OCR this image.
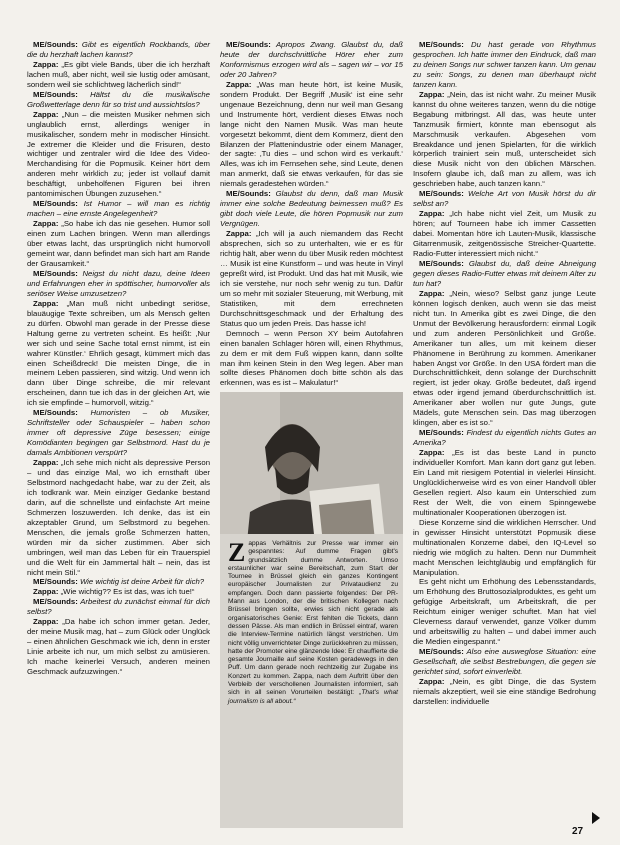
ME/Sounds: Gibt es eigentlich Rockbands, über die du herzhaft lachen kannst?

Zappa: „Es gibt viele Bands, über die ich herzhaft lachen muß, aber nicht, weil sie lustig oder amüsant, sondern weil sie schlichtweg lächerlich sind!“

ME/Sounds: Hältst du die musikalische Großwetterlage denn für so trist und aussichtslos?

Zappa: „Nun – die meisten Musiker nehmen sich unglaublich ernst, allerdings weniger in musikalischer, sondern mehr in modischer Hinsicht. Je extremer die Kleider und die Frisuren, desto wichtiger und zentraler wird die Idee des Video-Merchandising für die Popmusik. Keiner hört dem anderen mehr wirklich zu; jeder ist vollauf damit beschäftigt, unbeholfenen Figuren bei ihren pantomimischen Übungen zuzusehen.“

ME/Sounds: Ist Humor – will man es richtig machen – eine ernste Angelegenheit?

Zappa: „So habe ich das nie gesehen. Humor soll einen zum Lachen bringen. Wenn man allerdings über etwas lacht, das ursprünglich nicht humorvoll gemeint war, dann befindet man sich hart am Rande der Grausamkeit.“

ME/Sounds: Neigst du nicht dazu, deine Ideen und Erfahrungen eher in spöttischer, humorvoller als seriöser Weise umzusetzen?

Zappa: „Man muß nicht unbedingt seriöse, blauäugige Texte schreiben, um als Mensch gelten zu dürfen. Obwohl man gerade in der Presse diese Haltung gerne zu vertreten scheint. Es heißt: ‚Nur wer sich und seine Sache total ernst nimmt, ist ein wahrer Künstler.‘ Ehrlich gesagt, kümmert mich das einen Scheißdreck! Die meisten Dinge, die in meinem Leben passieren, sind witzig. Und wenn ich dann über Dinge schreibe, die mir relevant erscheinen, dann tue ich das in der gleichen Art, wie ich sie empfinde – humorvoll, witzig.“

ME/Sounds: Humoristen – ob Musiker, Schriftsteller oder Schauspieler – haben schon immer oft depressive Züge besessen; einige Komödianten begingen gar Selbstmord. Hast du je damals Ambitionen verspürt?

Zappa: „Ich sehe mich nicht als depressive Person – und das einzige Mal, wo ich ernsthaft über Selbstmord nachgedacht habe, war zu der Zeit, als ich todkrank war. Mein einziger Gedanke bestand darin, auf die schnellste und einfachste Art meine Schmerzen loszuwerden. Ich denke, das ist ein akzeptabler Grund, um Selbstmord zu begehen. Menschen, die jemals große Schmerzen hatten, würden mir da sicher zustimmen. Aber sich umbringen, weil man das Leben für ein Trauerspiel und die Welt für ein Jammertal hält – nein, das ist nicht mein Stil.“

ME/Sounds: Wie wichtig ist deine Arbeit für dich?

Zappa: „Wie wichtig?? Es ist das, was ich tue!“

ME/Sounds: Arbeitest du zunächst einmal für dich selbst?

Zappa: „Da habe ich schon immer getan. Jeder, der meine Musik mag, hat – zum Glück oder Unglück – einen ähnlichen Geschmack wie ich, denn in erster Linie arbeite ich nur, um mich selbst zu amüsieren. Ich mache keinerlei Versuch, anderen meinen Geschmack aufzuzwingen.“

ME/Sounds: Apropos Zwang. Glaubst du, daß heute der durchschnittliche Hörer eher zum Konformismus erzogen wird als – sagen wir – vor 15 oder 20 Jahren?

Zappa: „Was man heute hört, ist keine Musik, sondern Produkt. Der Begriff ‚Musik‘ ist eine sehr ungenaue Bezeichnung, denn nur weil man Gesang und Instrumente hört, verdient dieses Etwas noch lange nicht den Namen Musik. Was man heute vorgesetzt bekommt, dient dem Kommerz, dient den Bilanzen der Plattenindustrie oder einem Manager, der sagte: ‚Tu dies – und schon wird es verkauft.‘ Alles, was ich im Fernsehen sehe, sind Leute, denen man anmerkt, daß sie etwas verkaufen, für das sie niemals geradestehen würden.“

ME/Sounds: Glaubst du denn, daß man Musik immer eine solche Bedeutung beimessen muß? Es gibt doch viele Leute, die hören Popmusik nur zum Vergnügen.

Zappa: „Ich will ja auch niemandem das Recht absprechen, sich so zu unterhalten, wie er es für richtig hält, aber wenn du über Musik reden möchtest … Musik ist eine Kunstform – und was heute in Vinyl gepreßt wird, ist Produkt. Und das hat mit Musik, wie ich sie verstehe, nur noch sehr wenig zu tun. Dafür um so mehr mit sozialer Steuerung, mit Werbung, mit Statistiken, mit dem errechneten Durchschnittsgeschmack und der Erhaltung des Status quo um jeden Preis. Das hasse ich!

Demnoch – wenn Person XY beim Autofahren einen banalen Schlager hören will, einen Rhythmus, zu dem er mit dem Fuß wippen kann, dann sollte man ihm keinen Stein in den Weg legen. Aber man sollte dieses Phänomen doch bitte schön als das erkennen, was es ist – Makulatur!“

Z appas Verhältnis zur Presse war immer ein gespanntes: Auf dumme Fragen gibt's grundsätzlich dumme Antworten. Umso erstaunlicher war seine Bereitschaft, zum Start der Tournee in Brüssel gleich ein ganzes Kontingent europäischer Journalisten zur Privataudienz zu empfangen. Doch dann passierte folgendes: Der PR-Mann aus London, der die britischen Kollegen nach Brüssel bringen sollte, erwies sich nicht gerade als organisatorisches Genie: Erst fehlten die Tickets, dann dessen Pässe. Als man endlich in Brüssel eintraf, waren die Interview-Termine natürlich längst verstrichen. Um nicht völlig unverrichteter Dinge zurückkehren zu müssen, hatte der Promoter eine glänzende Idee: Er chauffierte die gesamte Journaille auf seine Kosten geradewegs in den Puff. Um dann gerade noch rechtzeitig zur Zugabe ins Konzert zu kommen. Zappa, nach dem Auftritt über den Verbleib der verschollenen Journalisten informiert, sah sich in all seinen Vorurteilen bestätigt: „That's what journalism is all about.“

ME/Sounds: Du hast gerade von Rhythmus gesprochen. Ich hatte immer den Eindruck, daß man zu deinen Songs nur schwer tanzen kann. Um genau zu sein: Songs, zu denen man überhaupt nicht tanzen kann.

Zappa: „Nein, das ist nicht wahr. Zu meiner Musik kannst du ohne weiteres tanzen, wenn du die nötige Begabung mitbringst. All das, was heute unter Tanzmusik firmiert, könnte man ebensogut als Marschmusik verkaufen. Abgesehen vom Breakdance und jenen Spielarten, für die wirklich körperlich trainiert sein muß, unterscheidet sich diese Musik nicht von den üblichen Märschen. Insofern glaube ich, daß man zu allem, was ich geschrieben habe, auch tanzen kann.“

ME/Sounds: Welche Art von Musik hörst du dir selbst an?

Zappa: „Ich habe nicht viel Zeit, um Musik zu hören; auf Tourneen habe ich immer Cassetten dabei. Momentan höre ich Lauten-Musik, klassische Gitarrenmusik, zeitgenössische Streicher-Quartette. Radio-Futter interessiert mich nicht.“

ME/Sounds: Glaubst du, daß deine Abneigung gegen dieses Radio-Futter etwas mit deinem Alter zu tun hat?

Zappa: „Nein, wieso? Selbst ganz junge Leute können logisch denken, auch wenn sie das meist nicht tun. In Amerika gibt es zwei Dinge, die den Unmut der Bevölkerung herausfordern: einmal Logik und zum anderen Persönlichkeit und Größe. Amerikaner tun alles, um mit keinem dieser Phänomene in Berührung zu kommen. Amerikaner haben Angst vor Größe. In den USA fördert man die Durchschnittlichkeit, denn solange der Durchschnitt regiert, ist jeder okay. Größe bedeutet, daß irgend etwas oder irgend jemand überdurchschnittlich ist. Amerikaner aber wollen nur gute Jungs, gute Mädels, gute Menschen sein. Das mag überzogen klingen, aber es ist so.“

ME/Sounds: Findest du eigentlich nichts Gutes an Amerika?

Zappa: „Es ist das beste Land in puncto individueller Komfort. Man kann dort ganz gut leben. Ein Land mit riesigem Potential in vielerlei Hinsicht. Unglücklicherweise wird es von einer Handvoll übler Gesellen regiert. Also kaum ein Unterschied zum Rest der Welt, die von einem Spinngewebe multinationaler Kooperationen überzogen ist.

Diese Konzerne sind die wirklichen Herrscher. Und in gewisser Hinsicht unterstützt Popmusik diese multinationalen Konzerne dabei, den IQ-Level so niedrig wie möglich zu halten. Denn nur Dummheit macht Menschen leichtgläubig und empfänglich für Manipulation.

Es geht nicht um Erhöhung des Lebensstandards, um Erhöhung des Bruttosozialproduktes, es geht um gefügige Arbeitskraft, um Arbeitskraft, die per Reichtum einiger weniger schuftet. Man hat viel Cleverness darauf verwendet, ganze Völker dumm und arbeitswillig zu halten – und dabei immer auch die Medien eingespannt.“

ME/Sounds: Also eine ausweglose Situation: eine Gesellschaft, die selbst Bestrebungen, die gegen sie gerichtet sind, sofort einverleibt.

Zappa: „Nein, es gibt Dinge, die das System niemals akzeptiert, weil sie eine ständige Bedrohung darstellen: individuelle

27
